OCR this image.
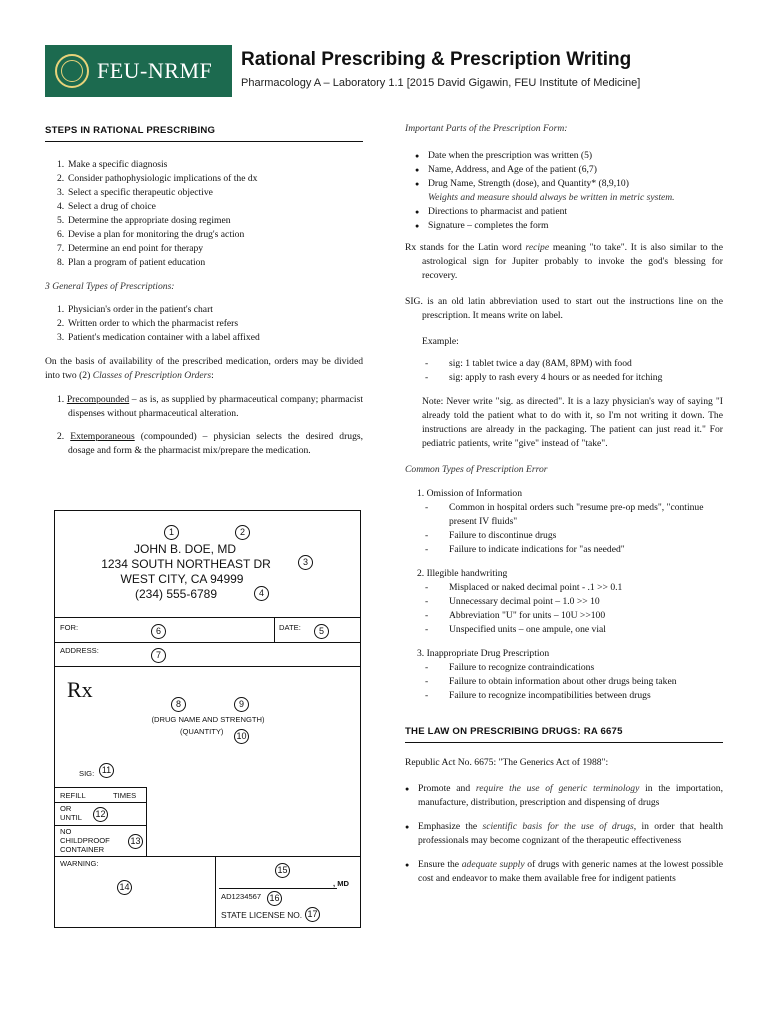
FEU-NRMF Rational Prescribing & Prescription Writing
Pharmacology A – Laboratory 1.1 [2015 David Gigawin, FEU Institute of Medicine]
STEPS IN RATIONAL PRESCRIBING
1. Make a specific diagnosis
2. Consider pathophysiologic implications of the dx
3. Select a specific therapeutic objective
4. Select a drug of choice
5. Determine the appropriate dosing regimen
6. Devise a plan for monitoring the drug's action
7. Determine an end point for therapy
8. Plan a program of patient education
3 General Types of Prescriptions:
1. Physician's order in the patient's chart
2. Written order to which the pharmacist refers
3. Patient's medication container with a label affixed

On the basis of availability of the prescribed medication, orders may be divided into two (2) Classes of Prescription Orders:

1. Precompounded – as is, as supplied by pharmaceutical company; pharmacist dispenses without pharmaceutical alteration.

2. Extemporaneous (compounded) – physician selects the desired drugs, dosage and form & the pharmacist mix/prepare the medication.

1	2
JOHN B. DOE, MD
1234 SOUTH NORTHEAST DR	3
WEST CITY, CA 94999
(234) 555-6789	4
FOR:	6	DATE:	5
ADDRESS:	7
Rx
8	9
(DRUG NAME AND STRENGTH)
(QUANTITY) 10
SIG: 11
REFILL	TIMES
OR
UNTIL 12
NO
CHILDPROOF
CONTAINER
13
WARNING:
14
15
, MD
AD1234567 16
STATE LICENSE NO. 17
Important Parts of the Prescription Form:
● Date when the prescription was written (5)
● Name, Address, and Age of the patient (6,7)
● Drug Name, Strength (dose), and Quantity* (8,9,10)
Weights and measure should always be written in metric system.
● Directions to pharmacist and patient
● Signature – completes the form

Rx stands for the Latin word recipe meaning "to take". It is also similar to the astrological sign for Jupiter probably to invoke the god's blessing for recovery.

SIG. is an old latin abbreviation used to start out the instructions line on the prescription. It means write on label.

Example:
- sig: 1 tablet twice a day (8AM, 8PM) with food
- sig: apply to rash every 4 hours or as needed for itching

Note: Never write "sig. as directed". It is a lazy physician's way of saying "I already told the patient what to do with it, so I'm not writing it down. The instructions are already in the packaging. The patient can just read it." For pediatric patients, write "give" instead of "take".

Common Types of Prescription Error
1. Omission of Information
- Common in hospital orders such "resume pre-op meds", "continue present IV fluids"
- Failure to discontinue drugs
- Failure to indicate indications for "as needed"
2. Illegible handwriting
- Misplaced or naked decimal point - .1 >> 0.1
- Unnecessary decimal point – 1.0 >> 10
- Abbreviation "U" for units – 10U >>100
- Unspecified units – one ampule, one vial
3. Inappropriate Drug Prescription
- Failure to recognize contraindications
- Failure to obtain information about other drugs being taken
- Failure to recognize incompatibilities between drugs
THE LAW ON PRESCRIBING DRUGS: RA 6675
Republic Act No. 6675: "The Generics Act of 1988":
● Promote and require the use of generic terminology in the importation, manufacture, distribution, prescription and dispensing of drugs
● Emphasize the scientific basis for the use of drugs, in order that health professionals may become cognizant of the therapeutic effectiveness
● Ensure the adequate supply of drugs with generic names at the lowest possible cost and endeavor to make them available free for indigent patients
